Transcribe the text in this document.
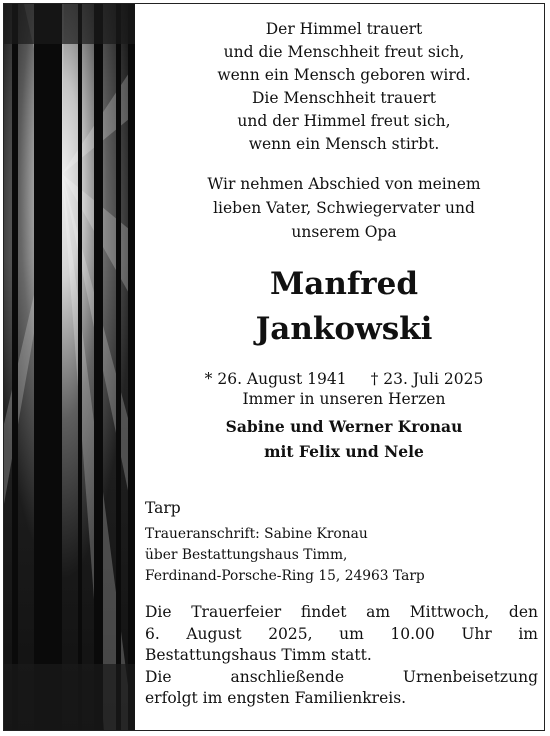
Der Himmel trauert
und die Menschheit freut sich,
wenn ein Mensch geboren wird.
Die Menschheit trauert
und der Himmel freut sich,
wenn ein Mensch stirbt.
Wir nehmen Abschied von meinem
lieben Vater, Schwiegervater und
unserem Opa
Manfred
Jankowski
* 26. August 1941 † 23. Juli 2025
Immer in unseren Herzen
Sabine und Werner Kronau
mit Felix und Nele
Tarp
Traueranschrift: Sabine Kronau
über Bestattungshaus Timm,
Ferdinand-Porsche-Ring 15, 24963 Tarp
Die Trauerfeier findet am Mittwoch, den
6. August 2025, um 10.00 Uhr im
Bestattungshaus Timm statt.
Die anschließende Urnenbeisetzung
erfolgt im engsten Familienkreis.
